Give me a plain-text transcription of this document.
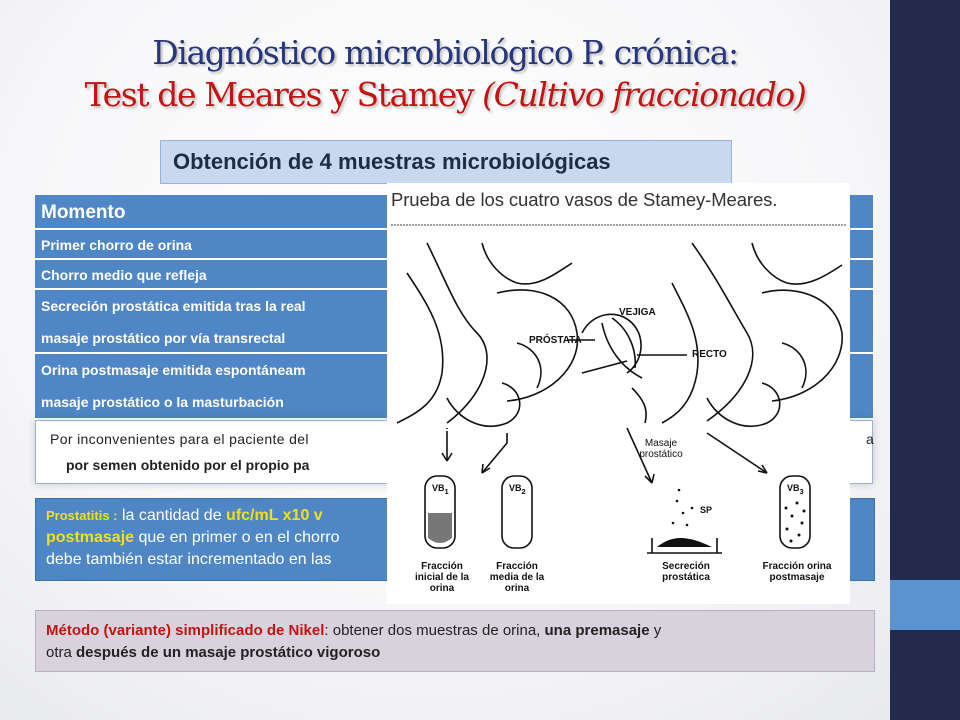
Diagnóstico microbiológico P. crónica:
Test de Meares y Stamey (Cultivo fraccionado)
Obtención de 4 muestras microbiológicas
Momento
Primer chorro de orina
Chorro medio que refleja
Secreción prostática emitida tras la real
masaje prostático por vía transrectal
Orina postmasaje emitida espontáneam
masaje prostático o la masturbación
Por inconvenientes para el paciente del	a
por semen obtenido por el propio pa
Prostatitis : la cantidad de ufc/mL x10 v
postmasaje que en primer o en el chorro
debe también estar incrementado en las
Método (variante) simplificado de Nikel: obtener dos muestras de orina, una premasaje y
otra después de un masaje prostático vigoroso
Prueba de los cuatro vasos de Stamey-Meares.
VEJIGA
PRÓSTATA
RECTO
Masaje prostático
$VB_1$	$VB_2$
SP
$VB_3$
Fracción inicial de la orina
Fracción media de la orina
Secreción prostática
Fracción orina postmasaje
